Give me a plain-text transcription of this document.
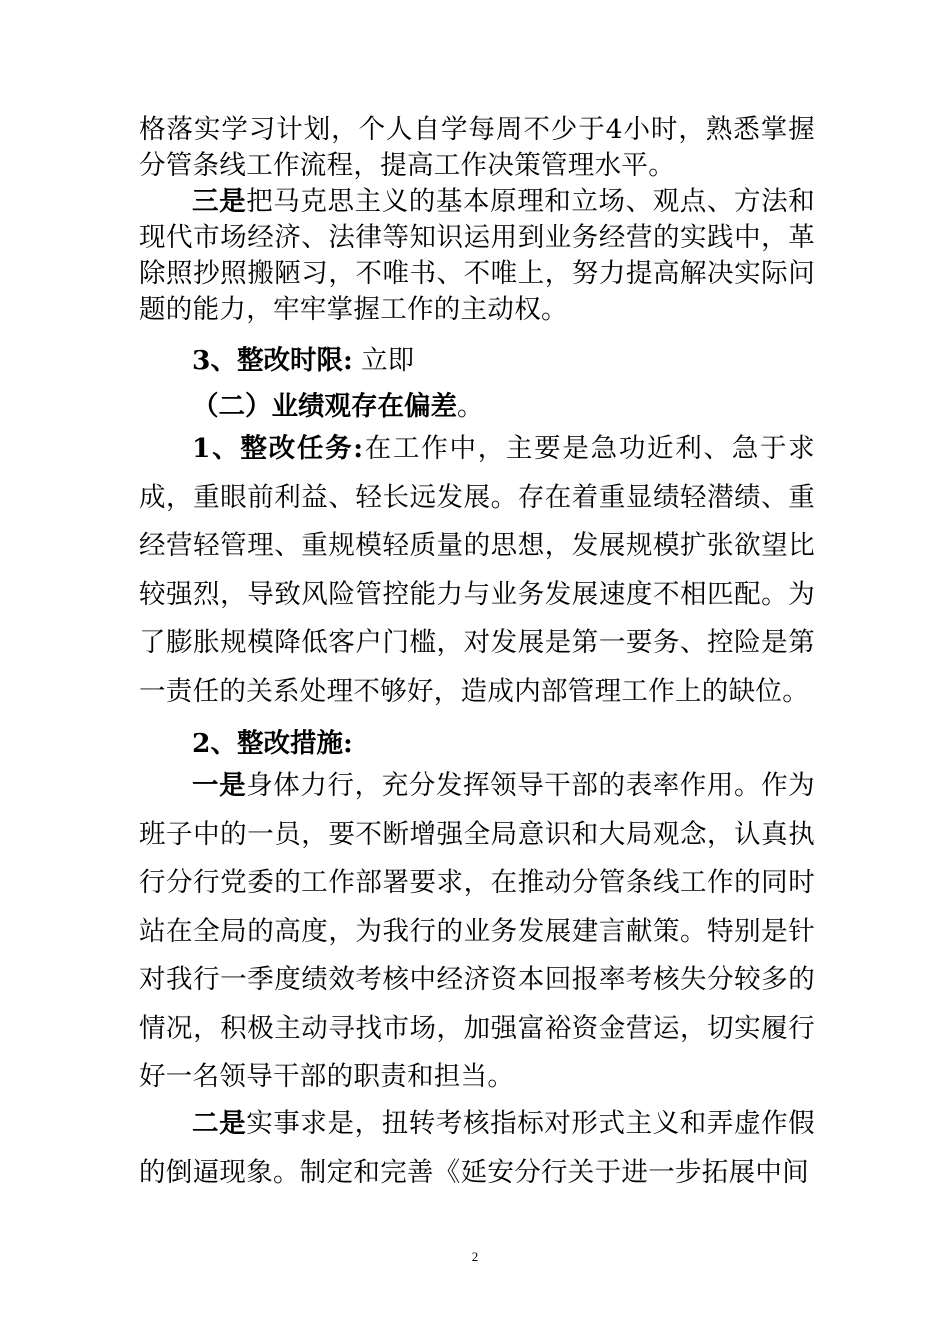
格落实学习计划，个人自学每周不少于4小时，熟悉掌握分管条线工作流程，提高工作决策管理水平。

三是把马克思主义的基本原理和立场、观点、方法和现代市场经济、法律等知识运用到业务经营的实践中，革除照抄照搬陋习，不唯书、不唯上，努力提高解决实际问题的能力，牢牢掌握工作的主动权。

3、整改时限: 立即

（二）业绩观存在偏差。

1、整改任务:在工作中，主要是急功近利、急于求成，重眼前利益、轻长远发展。存在着重显绩轻潜绩、重经营轻管理、重规模轻质量的思想，发展规模扩张欲望比较强烈，导致风险管控能力与业务发展速度不相匹配。为了膨胀规模降低客户门槛，对发展是第一要务、控险是第一责任的关系处理不够好，造成内部管理工作上的缺位。

2、整改措施:

一是身体力行，充分发挥领导干部的表率作用。作为班子中的一员，要不断增强全局意识和大局观念，认真执行分行党委的工作部署要求，在推动分管条线工作的同时站在全局的高度，为我行的业务发展建言献策。特别是针对我行一季度绩效考核中经济资本回报率考核失分较多的情况，积极主动寻找市场，加强富裕资金营运，切实履行好一名领导干部的职责和担当。

二是实事求是，扭转考核指标对形式主义和弄虚作假的倒逼现象。制定和完善《延安分行关于进一步拓展中间

2
